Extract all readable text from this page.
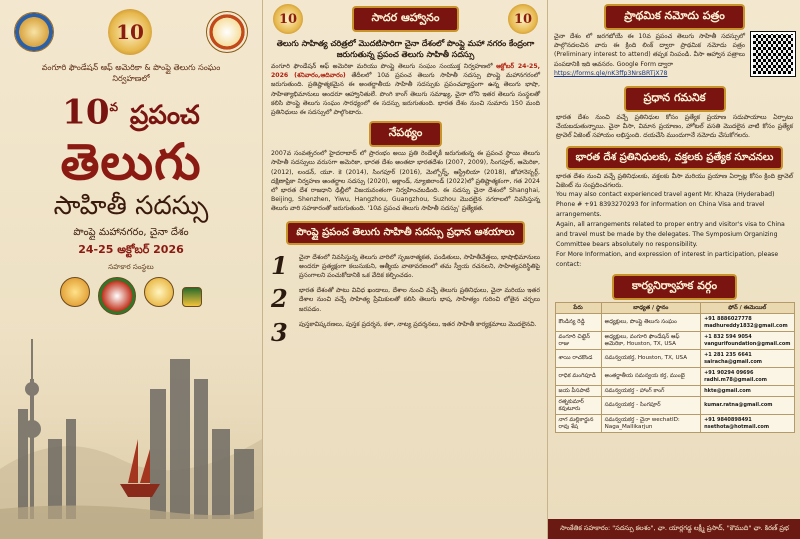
10
వంగూరి ఫౌండేషన్ ఆఫ్ అమెరికా & పొంప్లై తెలుగు సంఘం
నిర్వహణలో
$10^వ$ ప్రపంచ
తెలుగు
సాహితీ సదస్సు
పొంప్లై మహానగరం, చైనా దేశం
24-25 అక్టోబర్ 2026
సహకార సంస్థలు
10	సాదర ఆహ్వానం	10
తెలుగు సాహిత్య చరిత్రలో మొదటిసారిగా చైనా దేశంలో పొంప్లై మహా నగరం కేంద్రంగా జరుగుతున్న ప్రపంచ తెలుగు సాహితీ సదస్సు
వంగూరి ఫౌండేషన్ ఆఫ్ అమెరికా మరియు పొంప్లై తెలుగు సంఘం సంయుక్త నిర్వహణలో అక్టోబర్ 24-25, 2026 (శనివారం,ఆదివారం) తేదీలలో 10వ ప్రపంచ తెలుగు సాహితీ సదస్సు పొంప్లై మహానగరంలో జరుగుతుంది. ప్రతిష్టాత్మకమైన ఈ అంతర్జాతీయ సాహితీ సదస్సుకు ప్రపంచవ్యాప్తంగా ఉన్న తెలుగు భాషా, సాహిత్యాభిమానులు అందరూ ఆహ్వానితులే. పొంగి కాంగ్ తెలుగు సమాఖ్య, చైనా లోని ఇతర తెలుగు సంస్థలతో కలిసి పొంప్లై తెలుగు సంఘం సారధ్యంలో ఈ సదస్సు జరుగుతుంది. భారత దేశం నుంచి సుమారు 150 మంది ప్రతినిధులు ఈ సదస్సులో పాల్గొంటారు.
నేపథ్యం
2007వ సంవత్సరంలో హైదరాబాద్ లో ప్రారంభం అయి ప్రతి రెండేళ్ళకీ జరుగుతున్న ఈ ప్రపంచ స్థాయి తెలుగు సాహితీ సదస్సులు వరుసగా అమెరికా, భారత దేశం అంతటా భారతదేశం (2007, 2009), సింగపూర్, ఆమెరికా, (2012), లండన్, యూ. కె (2014), సింగపూర్ (2016), మెల్బోర్న్, ఆస్ట్రేలియా (2018), జోహానెస్బర్గ్, దక్షిణాఫ్రికా నిర్వహణ అంతర్జాల సదస్సు (2020), అక్లాండ్, న్యూజిలాండ్ (2022)లో ప్రతిష్టాత్మకంగా, గత 2024 లో భారత దేశ రాజధాని ఢిల్లీలో విజయవంతంగా నిర్వహించబడింది. ఈ సదస్సు చైనా దేశంలో Shanghai, Beijing, Shenzhen, Yiwu, Hangzhou, Guangzhou, Suzhou మొదలైన నగరాలలో నివసిస్తున్న తెలుగు వారి సహకారంతో జరుగుతుంది. '10వ ప్రపంచ తెలుగు సాహితీ సదస్సు' ప్రత్యేకత.
పొంప్లై ప్రపంచ తెలుగు సాహితీ సదస్సు ప్రధాన ఆశయాలు
1	చైనా దేశంలో నివసిస్తున్న తెలుగు వారిలో సృజనాత్మకత, పండితులు, సాహితీవేత్తలు, భాషాభిమానులు అందరూ ప్రత్యక్షంగా కలుసుకుని, ఆత్మీయ వాతావరణంలో తమ స్వీయ రచనలని, సాహిత్యపరిస్థితిపై ప్రసంగాలని పంచుకోడానికి ఒక వేదిక కల్పించడం.
2	భారత దేశంతో పాటు వివిధ ఖండాలు, దేశాల నుంచి వచ్చే తెలుగు ప్రతినిధులు, చైనా మరియు ఇతర దేశాల నుంచి వచ్చే సాహిత్య ప్రేమికులతో కలిసి తెలుగు భాష, సాహిత్యం గురించి లోతైన చర్చలు జరపడం.
3	పుస్తకావిష్కరణలు, పుస్తక ప్రదర్శన, కళా, నాట్య ప్రదర్శనలు, ఇతర సాహితీ కార్యక్రమాలు మొదలైనవి.
ప్రాథమిక నమోదు పత్రం
చైనా దేశం లో జరగబోయే ఈ 10వ ప్రపంచ తెలుగు సాహితీ సదస్సులో పాల్గొనదలచిన వారు ఈ క్రింది లింక్ ద్వారా ప్రాథమిక నమోదు పత్రం (Preliminary interest to attend) తప్పక నింపండి. వీసా ఆహ్వాన పత్రాలు పంపడానికి ఇది అవసరం. Google Form ద్వారా
https://forms.gle/nK3ffp3NrsBRTjX78
ప్రధాన గమనిక
భారత దేశం నుంచి వచ్చే ప్రతినిధుల కోసం ప్రత్యేక ప్రయాణ సదుపాయాలు ఏర్పాటు చేయబడుతున్నాయి. చైనా వీసా, విమాన ప్రయాణం, హోటల్ వసతి మొదలైన వాటి కోసం ప్రత్యేక ట్రావెల్ ఏజెంట్ సహాయం లభిస్తుంది. దయచేసి ముందుగానే నమోదు చేసుకోగలరు.
భారత దేశ ప్రతినిధులకు, వక్తలకు ప్రత్యేక సూచనలు
భారత దేశం నుంచి వచ్చే ప్రతినిధులకు, వక్తలకు వీసా మరియు ప్రయాణ ఏర్పాట్ల కోసం క్రింది ట్రావెల్ ఏజెంట్ ను సంప్రదించగలరు.
You may also contact experienced travel agent Mr. Khaza (Hyderabad)
Phone # +91 8393270293 for information on China Visa and travel arrangements.
Again, all arrangements related to proper entry and visitor's visa to China and travel must be made by the delegates. The Symposium Organizing Committee bears absolutely no responsibility.
For More Information, and expression of interest in participation, please contact:
కార్యనిర్వాహక వర్గం
పేరు	బాధ్యత / స్థానం	ఫోన్ / ఈమెయిల్
కౌండిన్య రెడ్డి	అధ్యక్షులు, పొంప్లై తెలుగు సంఘం	+91 8886027778
madhureddy1832@gmail.com

వంగూరి చిట్టెన్ రాజు	అధ్యక్షులు, వంగూరి ఫౌండేషన్ ఆఫ్ అమెరికా, Houston, TX, USA	+1 832 594 9054
vangurifoundation@gmail.com

శాయి రాచకొండ	సమన్వయకర్త, Houston, TX, USA	+1 281 235 6641
sairacha@gmail.com

రాధిక మంగిపూడి	అంతర్జాతీయ సమన్వయ కర్త, ముంబై	+91 90294 09696
radhi.m78@gmail.com

జయ పీసపాటి	సమన్వయకర్త - హాంగ్ కాంగ్	hkte@gmail.com

రత్నకుమార్ కవుటూరు	సమన్వయకర్త - సింగపూర్	kumar.ratna@gmail.com

నాగ మల్లికార్జున రావు శేష	సమన్వయకర్త - చైనా wechatID: Naga_Mallikarjun	+91 9840898491
nsethota@hotmail.com
సాంకేతిక సహకారం: "సదస్సు కలశం", ఛా. యార్లగడ్డ లక్ష్మీ ప్రసాద్, "కౌముది" ఛా. కిరణ్ ప్రభ
